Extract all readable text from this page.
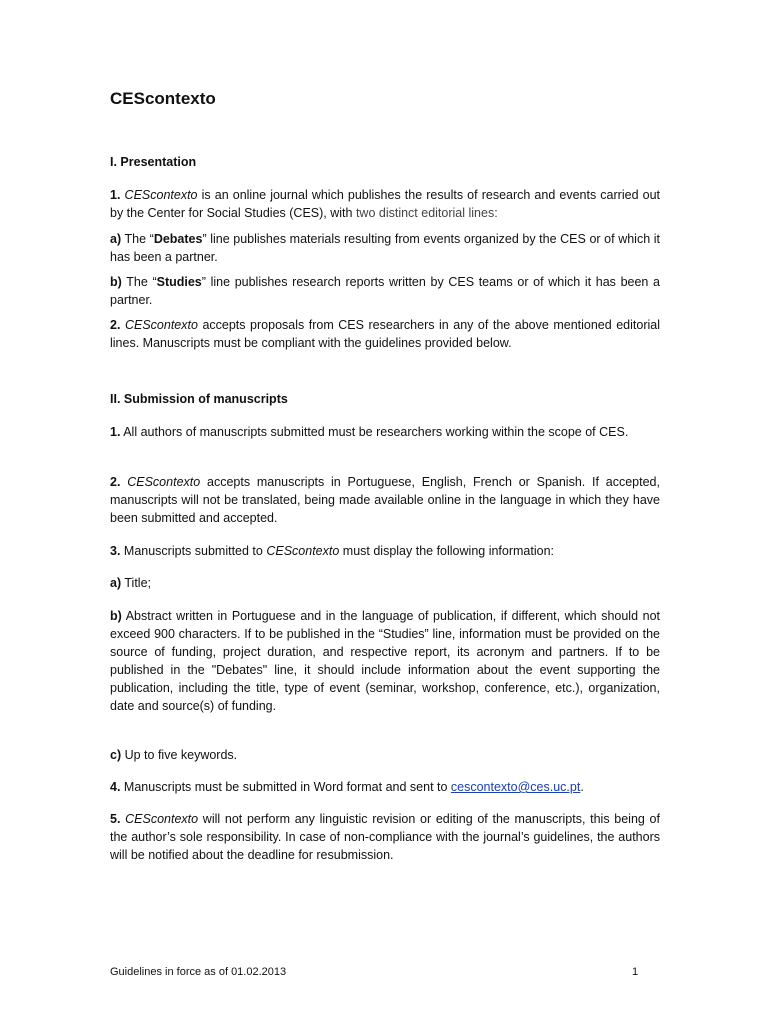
CEScontexto
I. Presentation
1. CEScontexto is an online journal which publishes the results of research and events carried out by the Center for Social Studies (CES), with two distinct editorial lines:
a) The “Debates” line publishes materials resulting from events organized by the CES or of which it has been a partner.
b) The “Studies” line publishes research reports written by CES teams or of which it has been a partner.
2. CEScontexto accepts proposals from CES researchers in any of the above mentioned editorial lines. Manuscripts must be compliant with the guidelines provided below.
II. Submission of manuscripts
1. All authors of manuscripts submitted must be researchers working within the scope of CES.
2. CEScontexto accepts manuscripts in Portuguese, English, French or Spanish. If accepted, manuscripts will not be translated, being made available online in the language in which they have been submitted and accepted.
3. Manuscripts submitted to CEScontexto must display the following information:
a) Title;
b) Abstract written in Portuguese and in the language of publication, if different, which should not exceed 900 characters. If to be published in the “Studies” line, information must be provided on the source of funding, project duration, and respective report, its acronym and partners. If to be published in the "Debates" line, it should include information about the event supporting the publication, including the title, type of event (seminar, workshop, conference, etc.), organization, date and source(s) of funding.
c) Up to five keywords.
4. Manuscripts must be submitted in Word format and sent to cescontexto@ces.uc.pt.
5. CEScontexto will not perform any linguistic revision or editing of the manuscripts, this being of the author’s sole responsibility. In case of non-compliance with the journal’s guidelines, the authors will be notified about the deadline for resubmission.
Guidelines in force as of 01.02.2013	1
